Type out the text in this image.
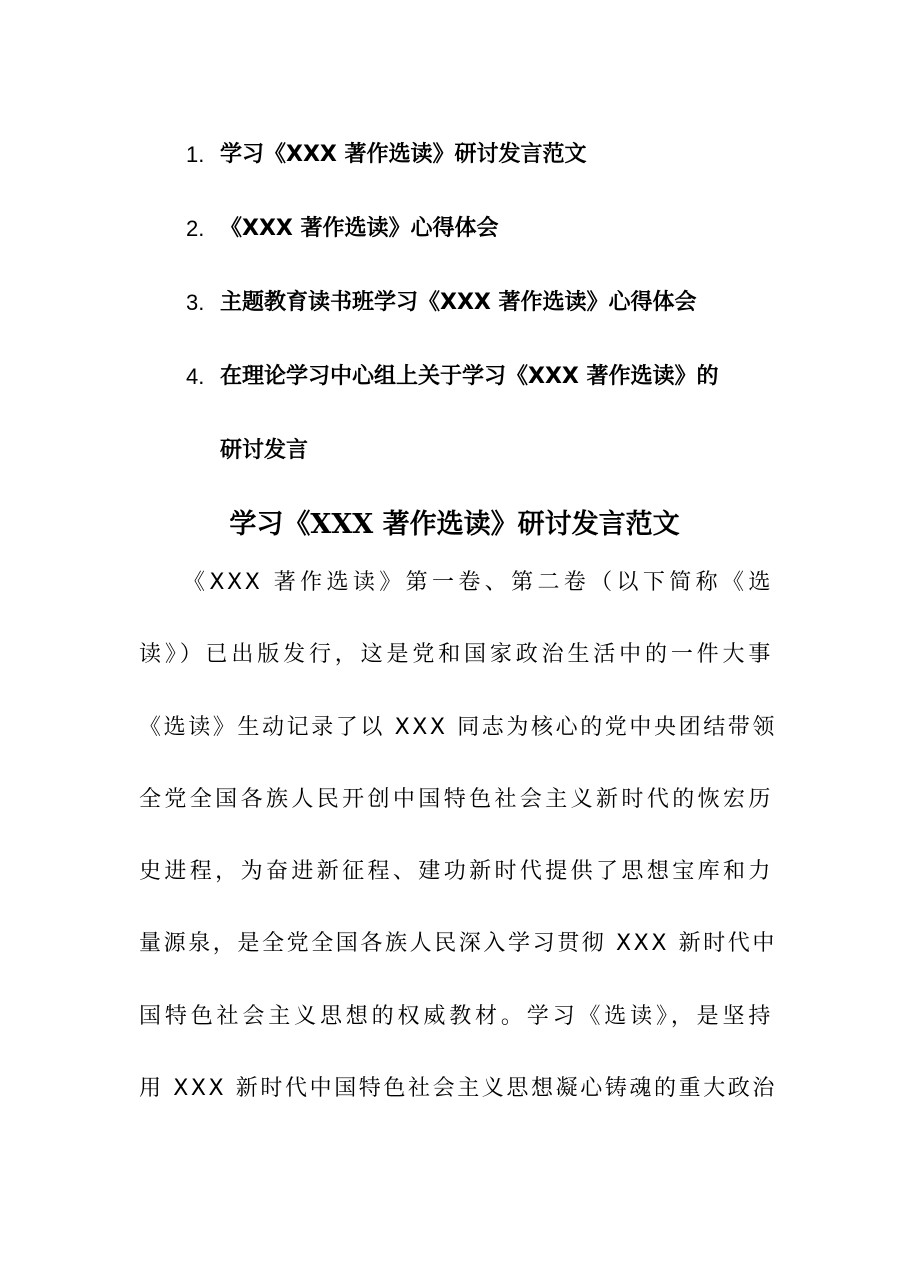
1. 学习《XXX 著作选读》研讨发言范文
2. 《XXX 著作选读》心得体会
3. 主题教育读书班学习《XXX 著作选读》心得体会
4. 在理论学习中心组上关于学习《XXX 著作选读》的
研讨发言
学习《XXX 著作选读》研讨发言范文
《XXX 著作选读》第一卷、第二卷（以下简称《选
读》）已出版发行，这是党和国家政治生活中的一件大事
《选读》生动记录了以 XXX 同志为核心的党中央团结带领
全党全国各族人民开创中国特色社会主义新时代的恢宏历
史进程，为奋进新征程、建功新时代提供了思想宝库和力
量源泉，是全党全国各族人民深入学习贯彻 XXX 新时代中
国特色社会主义思想的权威教材。学习《选读》，是坚持
用 XXX 新时代中国特色社会主义思想凝心铸魂的重大政治
